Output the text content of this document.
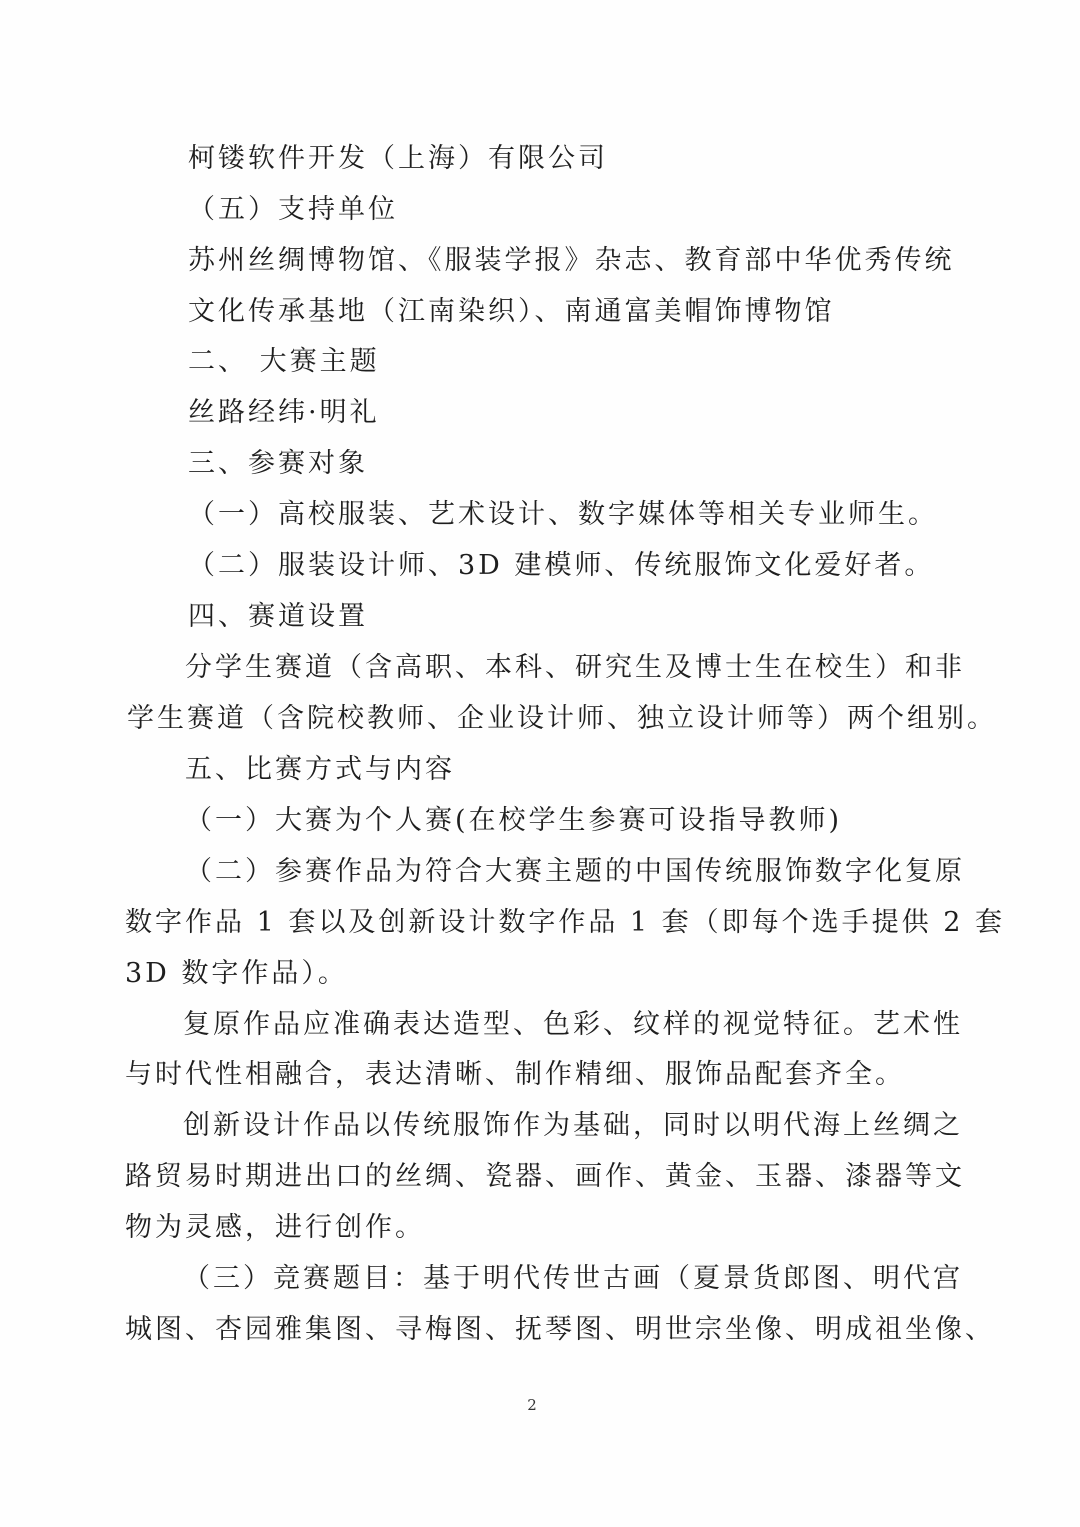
柯镂软件开发（上海）有限公司
（五）支持单位
苏州丝绸博物馆、《服装学报》杂志、教育部中华优秀传统
文化传承基地（江南染织）、南通富美帽饰博物馆
二、 大赛主题
丝路经纬·明礼
三、参赛对象
（一）高校服装、艺术设计、数字媒体等相关专业师生。
（二）服装设计师、3D 建模师、传统服饰文化爱好者。
四、赛道设置
分学生赛道（含高职、本科、研究生及博士生在校生）和非
学生赛道（含院校教师、企业设计师、独立设计师等）两个组别。
五、比赛方式与内容
（一）大赛为个人赛(在校学生参赛可设指导教师)
（二）参赛作品为符合大赛主题的中国传统服饰数字化复原
数字作品 1 套以及创新设计数字作品 1 套（即每个选手提供 2 套
3D 数字作品）。
复原作品应准确表达造型、色彩、纹样的视觉特征。艺术性
与时代性相融合，表达清晰、制作精细、服饰品配套齐全。
创新设计作品以传统服饰作为基础，同时以明代海上丝绸之
路贸易时期进出口的丝绸、瓷器、画作、黄金、玉器、漆器等文
物为灵感，进行创作。
（三）竞赛题目：基于明代传世古画（夏景货郎图、明代宫
城图、杏园雅集图、寻梅图、抚琴图、明世宗坐像、明成祖坐像、
2
